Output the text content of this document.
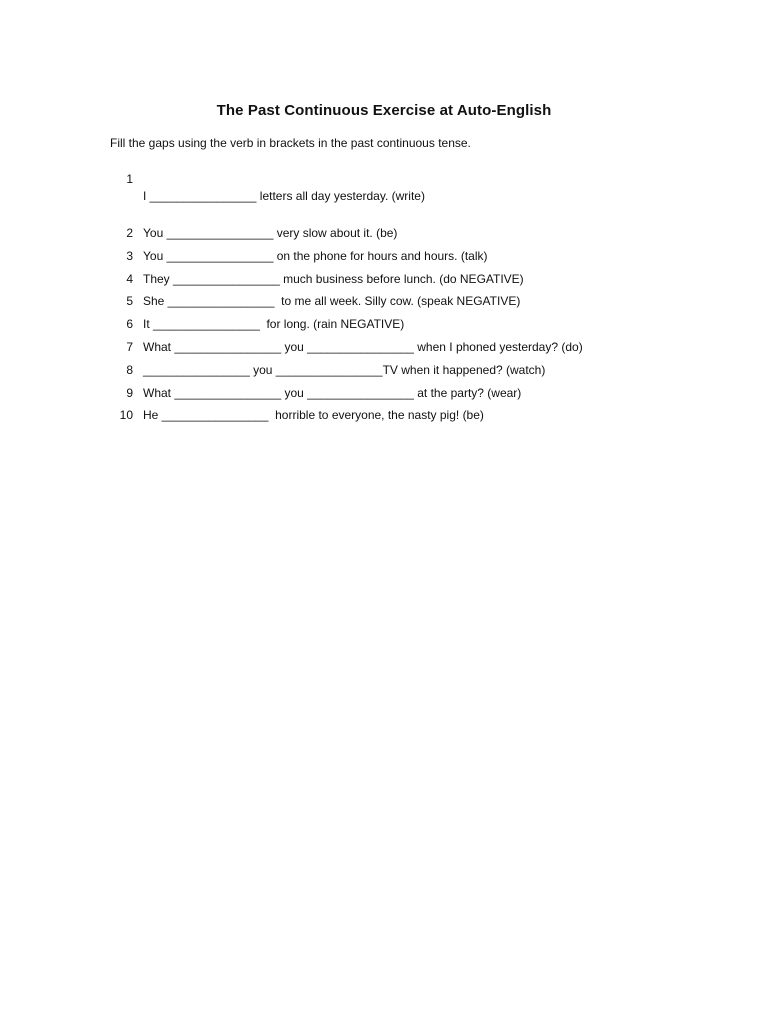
The Past Continuous Exercise at Auto-English
Fill the gaps using the verb in brackets in the past continuous tense.
1
I ________________ letters all day yesterday. (write)
2 You ________________ very slow about it. (be)
3 You ________________ on the phone for hours and hours. (talk)
4 They ________________ much business before lunch. (do NEGATIVE)
5 She ________________  to me all week. Silly cow. (speak NEGATIVE)
6 It ________________  for long. (rain NEGATIVE)
7 What ________________ you ________________ when I phoned yesterday? (do)
8 ________________ you ________________TV when it happened? (watch)
9 What ________________ you ________________ at the party? (wear)
10 He ________________  horrible to everyone, the nasty pig! (be)
